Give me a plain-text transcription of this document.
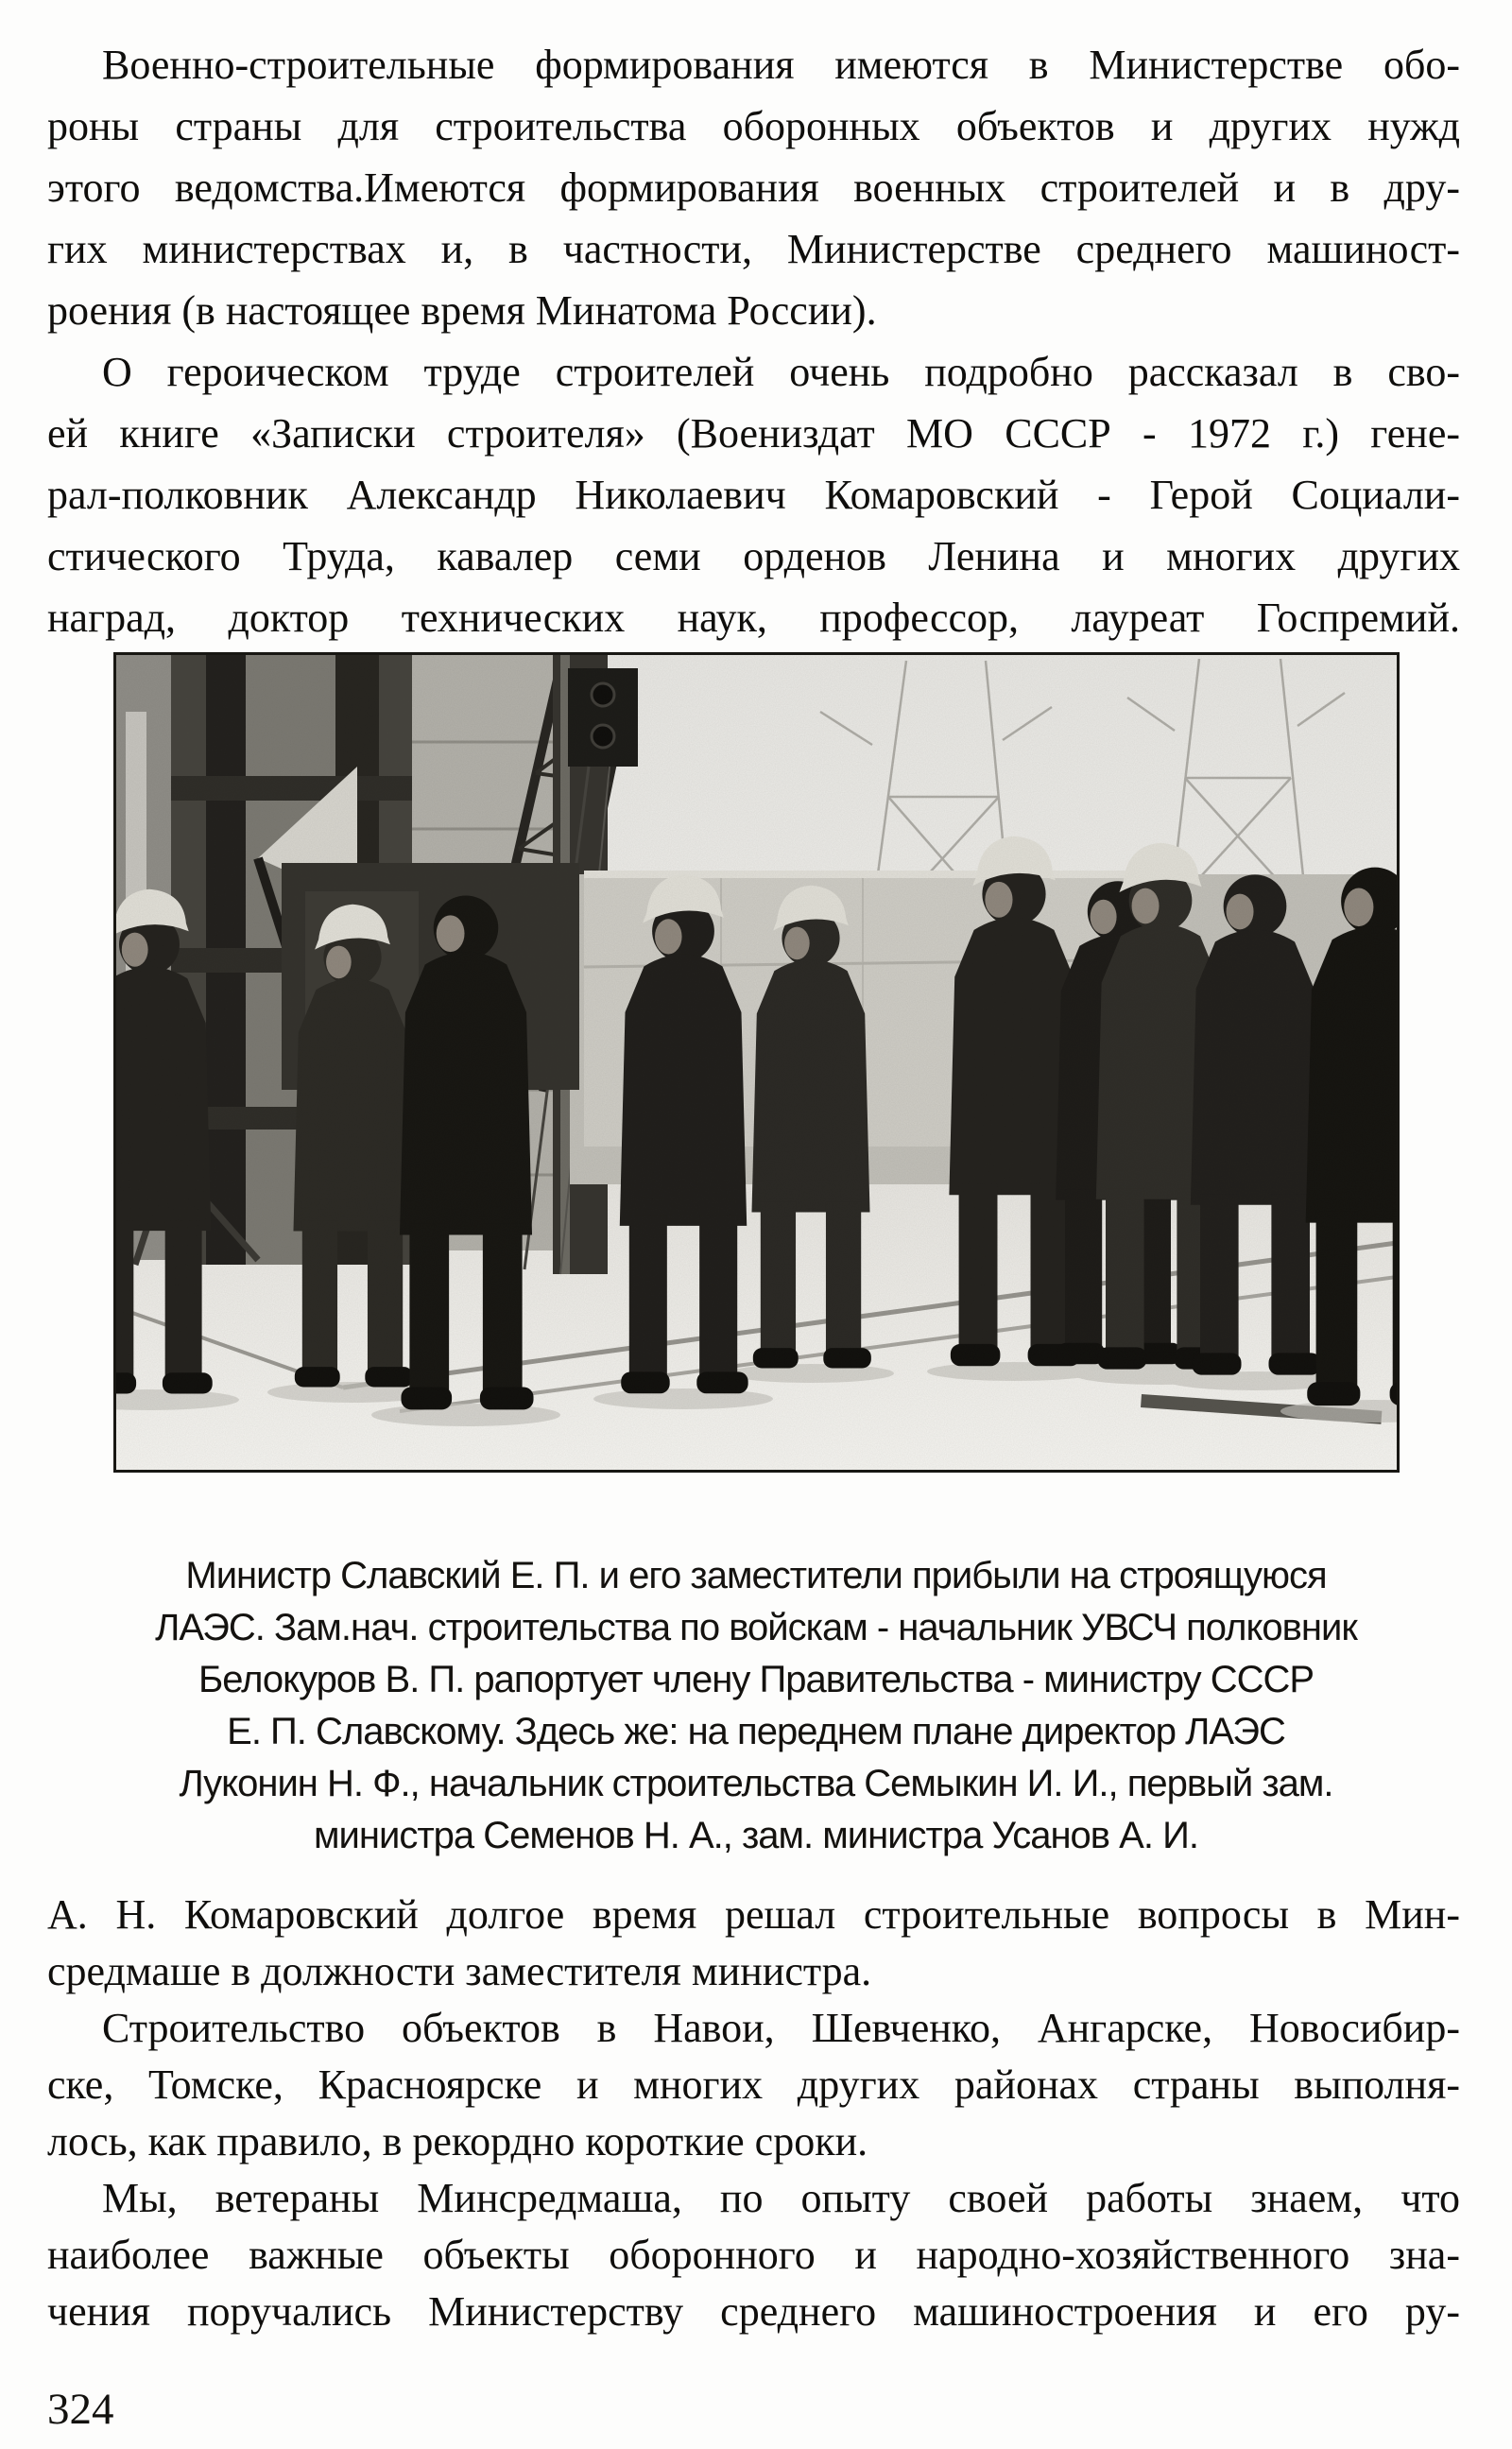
Военно-строительные формирования имеются в Министерстве обо-
роны страны для строительства оборонных объектов и других нужд
этого ведомства.Имеются формирования военных строителей и в дру-
гих министерствах и, в частности, Министерстве среднего машиност-
роения (в настоящее время Минатома России).
О героическом труде строителей очень подробно рассказал в сво-
ей книге «Записки строителя» (Воениздат МО СССР - 1972 г.) гене-
рал-полковник Александр Николаевич Комаровский - Герой Социали-
стического Труда, кавалер семи орденов Ленина и многих других
наград, доктор технических наук, профессор, лауреат Госпремий.
Министр Славский Е. П. и его заместители прибыли на строящуюся
ЛАЭС. Зам.нач. строительства по войскам - начальник УВСЧ полковник
Белокуров В. П. рапортует члену Правительства - министру СССР
Е. П. Славскому. Здесь же: на переднем плане директор ЛАЭС
Луконин Н. Ф., начальник строительства Семыкин И. И., первый зам.
министра Семенов Н. А., зам. министра Усанов А. И.
А. Н. Комаровский долгое время решал строительные вопросы в Мин-
средмаше в должности заместителя министра.
Строительство объектов в Навои, Шевченко, Ангарске, Новосибир-
ске, Томске, Красноярске и многих других районах страны выполня-
лось, как правило, в рекордно короткие сроки.
Мы, ветераны Минсредмаша, по опыту своей работы знаем, что
наиболее важные объекты оборонного и народно-хозяйственного зна-
чения поручались Министерству среднего машиностроения и его ру-
324
